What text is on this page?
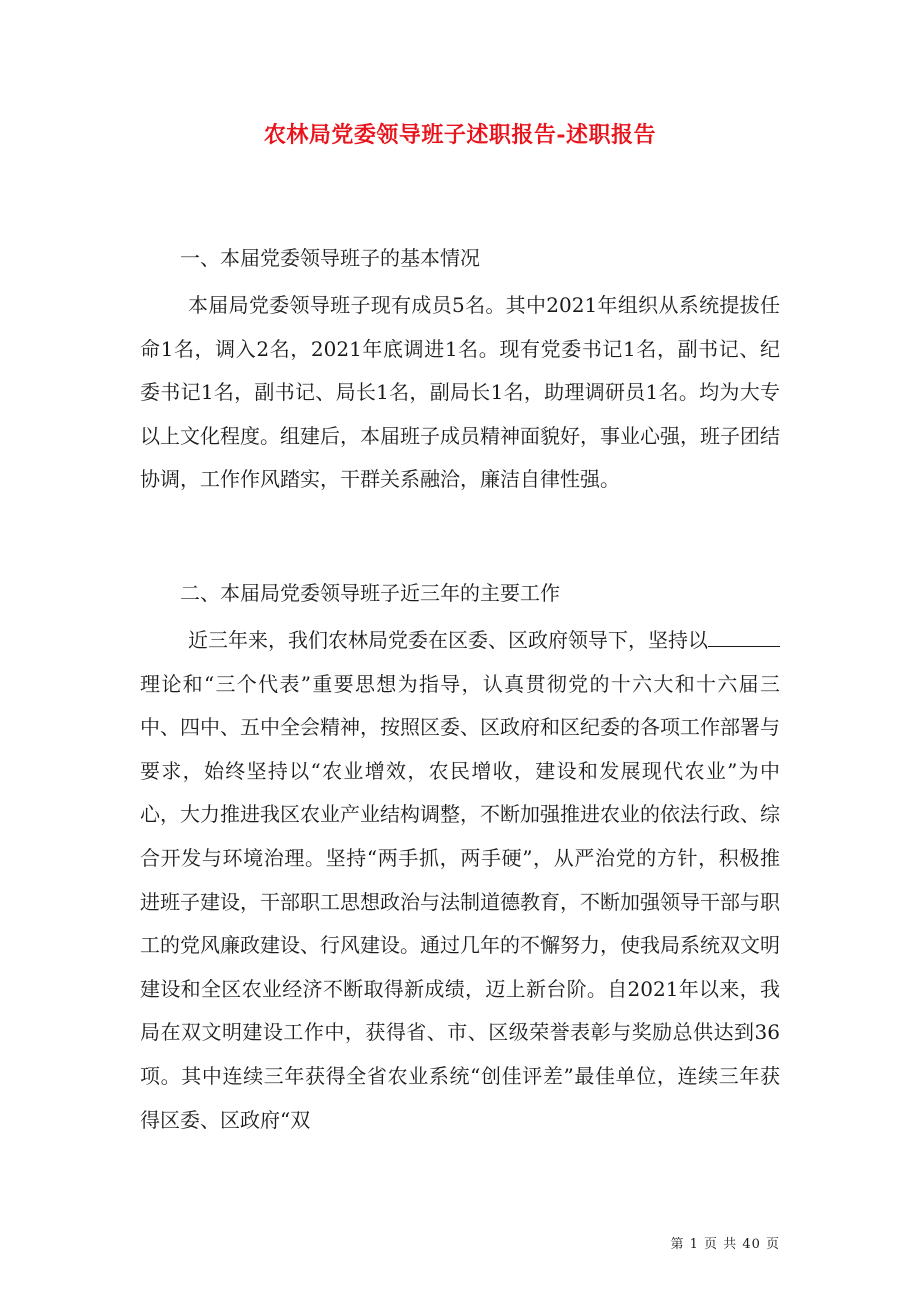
农林局党委领导班子述职报告-述职报告
一、本届党委领导班子的基本情况

本届局党委领导班子现有成员5名。其中2021年组织从系统提拔任命1名，调入2名，2021年底调进1名。现有党委书记1名，副书记、纪委书记1名，副书记、局长1名，副局长1名，助理调研员1名。均为大专以上文化程度。组建后，本届班子成员精神面貌好，事业心强，班子团结协调，工作作风踏实，干群关系融洽，廉洁自律性强。

二、本届局党委领导班子近三年的主要工作

近三年来，我们农林局党委在区委、区政府领导下，坚持以理论和“三个代表”重要思想为指导，认真贯彻党的十六大和十六届三中、四中、五中全会精神，按照区委、区政府和区纪委的各项工作部署与要求，始终坚持以“农业增效，农民增收，建设和发展现代农业”为中心，大力推进我区农业产业结构调整，不断加强推进农业的依法行政、综合开发与环境治理。坚持“两手抓，两手硬”，从严治党的方针，积极推进班子建设，干部职工思想政治与法制道德教育，不断加强领导干部与职工的党风廉政建设、行风建设。通过几年的不懈努力，使我局系统双文明建设和全区农业经济不断取得新成绩，迈上新台阶。自2021年以来，我局在双文明建设工作中，获得省、市、区级荣誉表彰与奖励总供达到36项。其中连续三年获得全省农业系统“创佳评差”最佳单位，连续三年获得区委、区政府“双

第 1 页 共 40 页
